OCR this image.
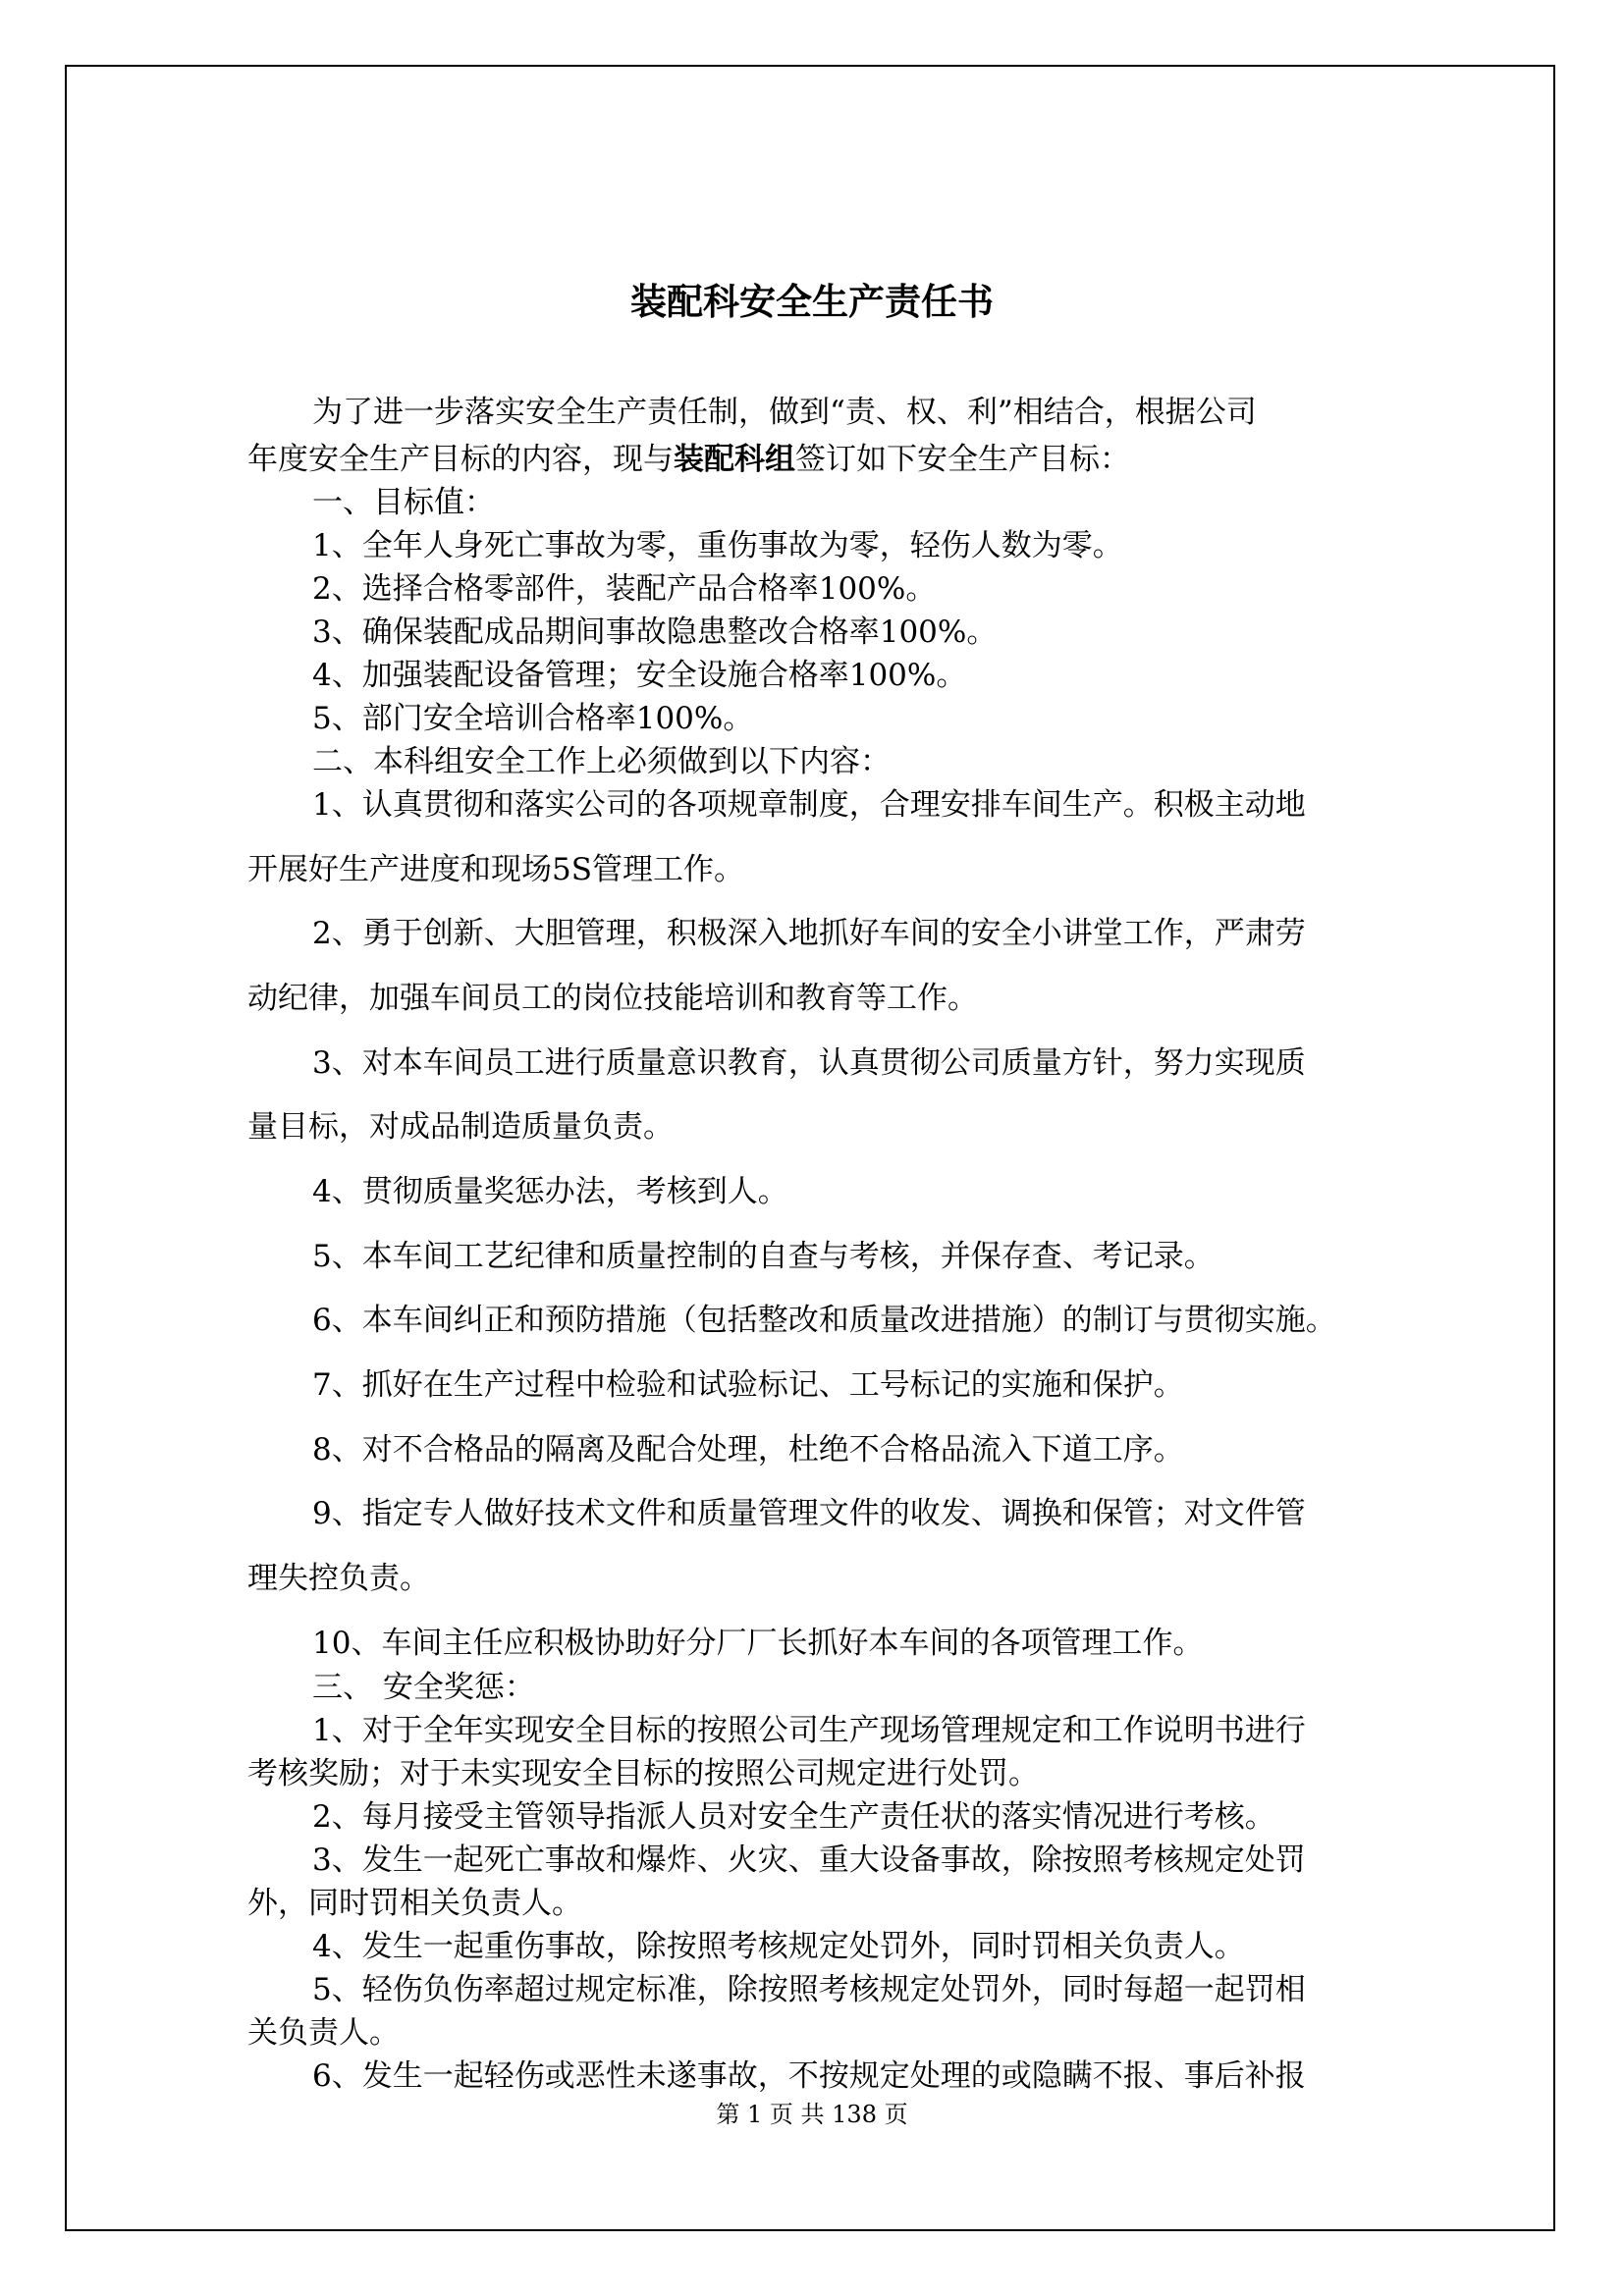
装配科安全生产责任书
为了进一步落实安全生产责任制，做到“责、权、利”相结合，根据公司
年度安全生产目标的内容，现与装配科组签订如下安全生产目标：
一、目标值：
1、全年人身死亡事故为零，重伤事故为零，轻伤人数为零。
2、选择合格零部件，装配产品合格率100%。
3、确保装配成品期间事故隐患整改合格率100%。
4、加强装配设备管理；安全设施合格率100%。
5、部门安全培训合格率100%。
二、本科组安全工作上必须做到以下内容：
1、认真贯彻和落实公司的各项规章制度，合理安排车间生产。积极主动地
开展好生产进度和现场5S管理工作。
2、勇于创新、大胆管理，积极深入地抓好车间的安全小讲堂工作，严肃劳
动纪律，加强车间员工的岗位技能培训和教育等工作。
3、对本车间员工进行质量意识教育，认真贯彻公司质量方针，努力实现质
量目标，对成品制造质量负责。
4、贯彻质量奖惩办法，考核到人。
5、本车间工艺纪律和质量控制的自查与考核，并保存查、考记录。
6、本车间纠正和预防措施（包括整改和质量改进措施）的制订与贯彻实施。
7、抓好在生产过程中检验和试验标记、工号标记的实施和保护。
8、对不合格品的隔离及配合处理，杜绝不合格品流入下道工序。
9、指定专人做好技术文件和质量管理文件的收发、调换和保管；对文件管
理失控负责。
10、车间主任应积极协助好分厂厂长抓好本车间的各项管理工作。
三、 安全奖惩：
1、对于全年实现安全目标的按照公司生产现场管理规定和工作说明书进行
考核奖励；对于未实现安全目标的按照公司规定进行处罚。
2、每月接受主管领导指派人员对安全生产责任状的落实情况进行考核。
3、发生一起死亡事故和爆炸、火灾、重大设备事故，除按照考核规定处罚
外，同时罚相关负责人。
4、发生一起重伤事故，除按照考核规定处罚外，同时罚相关负责人。
5、轻伤负伤率超过规定标准，除按照考核规定处罚外，同时每超一起罚相
关负责人。
6、发生一起轻伤或恶性未遂事故，不按规定处理的或隐瞒不报、事后补报
第 1 页 共 138 页
